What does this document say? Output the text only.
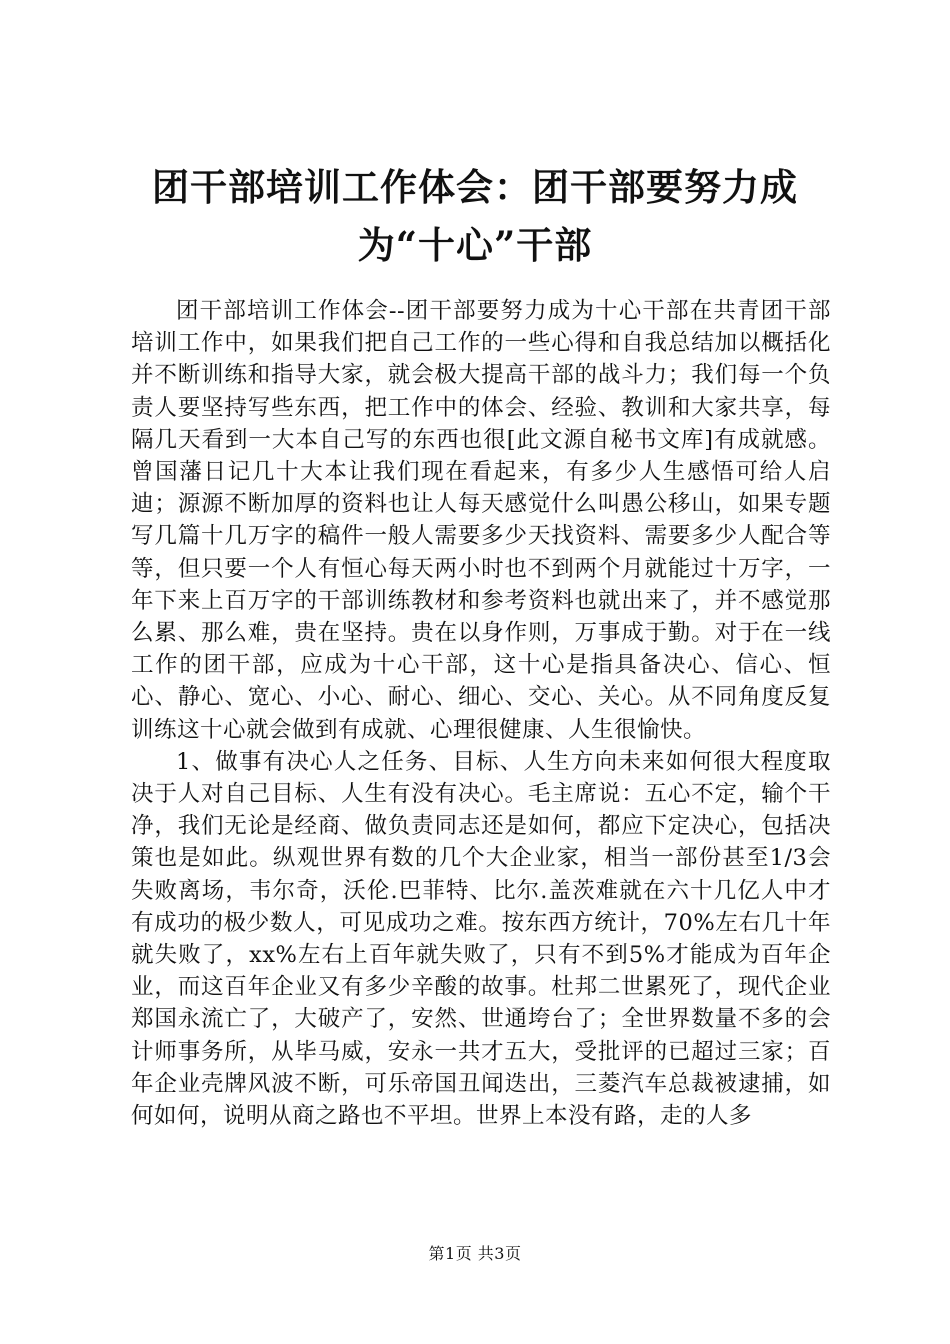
团干部培训工作体会：团干部要努力成为“十心”干部

团干部培训工作体会--团干部要努力成为十心干部在共青团干部培训工作中，如果我们把自己工作的一些心得和自我总结加以概括化并不断训练和指导大家，就会极大提高干部的战斗力；我们每一个负责人要坚持写些东西，把工作中的体会、经验、教训和大家共享，每隔几天看到一大本自己写的东西也很[此文源自秘书文库]有成就感。曾国藩日记几十大本让我们现在看起来，有多少人生感悟可给人启迪；源源不断加厚的资料也让人每天感觉什么叫愚公移山，如果专题写几篇十几万字的稿件一般人需要多少天找资料、需要多少人配合等等，但只要一个人有恒心每天两小时也不到两个月就能过十万字，一年下来上百万字的干部训练教材和参考资料也就出来了，并不感觉那么累、那么难，贵在坚持。贵在以身作则，万事成于勤。对于在一线工作的团干部，应成为十心干部，这十心是指具备决心、信心、恒心、静心、宽心、小心、耐心、细心、交心、关心。从不同角度反复训练这十心就会做到有成就、心理很健康、人生很愉快。

1、做事有决心人之任务、目标、人生方向未来如何很大程度取决于人对自己目标、人生有没有决心。毛主席说：五心不定，输个干净，我们无论是经商、做负责同志还是如何，都应下定决心，包括决策也是如此。纵观世界有数的几个大企业家，相当一部份甚至1/3会失败离场，韦尔奇，沃伦.巴菲特、比尔.盖茨难就在六十几亿人中才有成功的极少数人，可见成功之难。按东西方统计，70%左右几十年就失败了，xx%左右上百年就失败了，只有不到5%才能成为百年企业，而这百年企业又有多少辛酸的故事。杜邦二世累死了，现代企业郑国永流亡了，大破产了，安然、世通垮台了；全世界数量不多的会计师事务所，从毕马威，安永一共才五大，受批评的已超过三家；百年企业壳牌风波不断，可乐帝国丑闻迭出，三菱汽车总裁被逮捕，如何如何，说明从商之路也不平坦。世界上本没有路，走的人多

第1页 共3页
